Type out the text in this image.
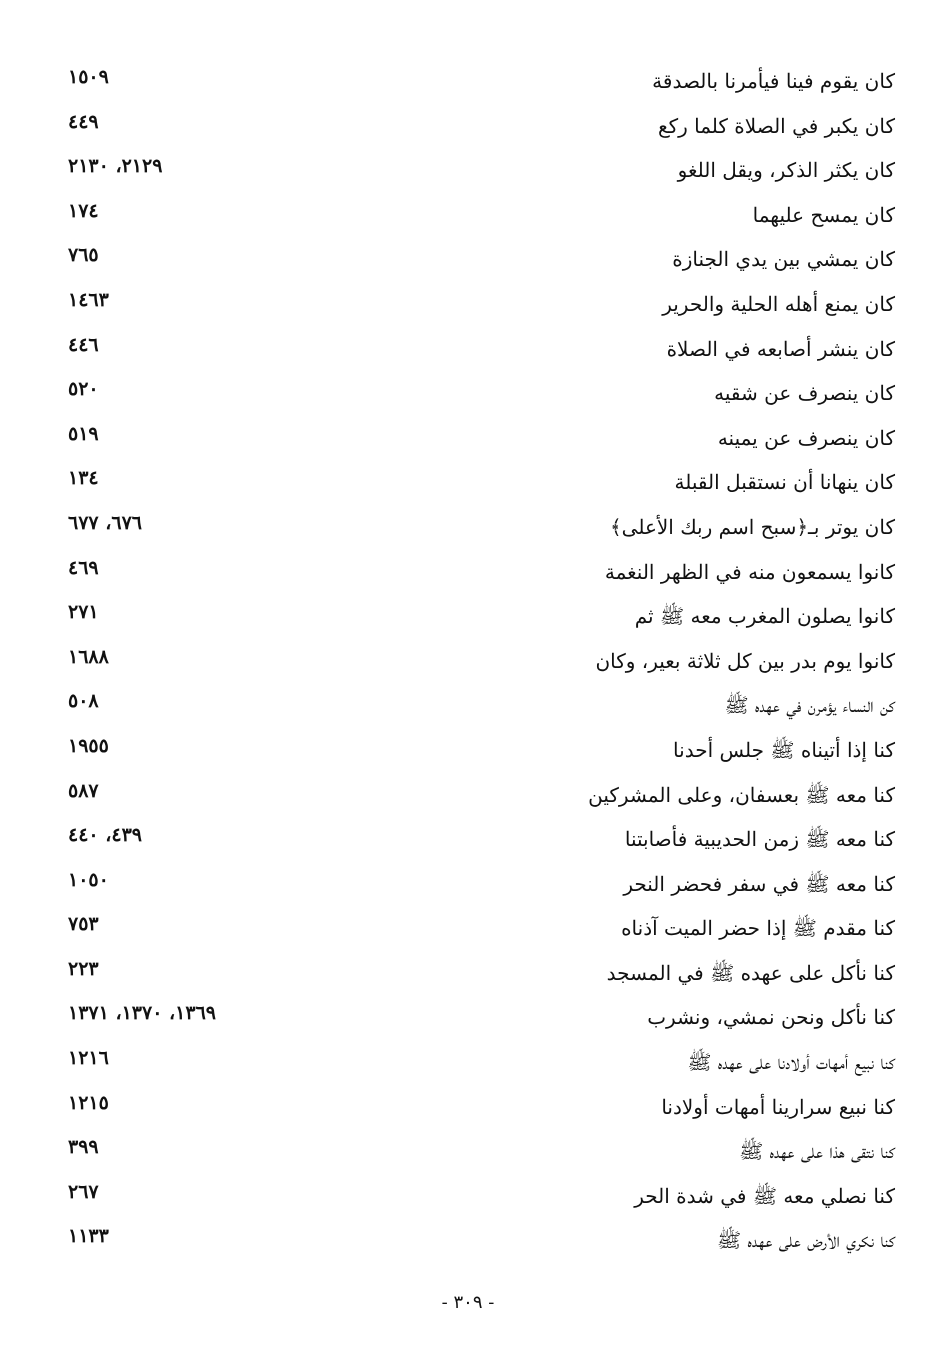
كان يقوم فينا فيأمرنا بالصدقة
١٥٠٩
كان يكبر في الصلاة كلما ركع
٤٤٩
كان يكثر الذكر، ويقل اللغو
٢١٢٩، ٢١٣٠
كان يمسح عليهما
١٧٤
كان يمشي بين يدي الجنازة
٧٦٥
كان يمنع أهله الحلية والحرير
١٤٦٣
كان ينشر أصابعه في الصلاة
٤٤٦
كان ينصرف عن شقيه
٥٢٠
كان ينصرف عن يمينه
٥١٩
كان ينهانا أن نستقبل القبلة
١٣٤
كان يوتر بـ﴿سبح اسم ربك الأعلى﴾
٦٧٦، ٦٧٧
كانوا يسمعون منه في الظهر النغمة
٤٦٩
كانوا يصلون المغرب معه ﷺ ثم
٢٧١
كانوا يوم بدر بين كل ثلاثة بعير، وكان
١٦٨٨
كن النساء يؤمرن في عهده ﷺ
٥٠٨
كنا إذا أتيناه ﷺ جلس أحدنا
١٩٥٥
كنا معه ﷺ بعسفان، وعلى المشركين
٥٨٧
كنا معه ﷺ زمن الحديبية فأصابتنا
٤٣٩، ٤٤٠
كنا معه ﷺ في سفر فحضر النحر
١٠٥٠
كنا مقدم ﷺ إذا حضر الميت آذناه
٧٥٣
كنا نأكل على عهده ﷺ في المسجد
٢٢٣
كنا نأكل ونحن نمشي، ونشرب
١٣٦٩، ١٣٧٠، ١٣٧١
كنا نبيع أمهات أولادنا على عهده ﷺ
١٢١٦
كنا نبيع سرارينا أمهات أولادنا
١٢١٥
كنا نتقى هذا على عهده ﷺ
٣٩٩
كنا نصلي معه ﷺ في شدة الحر
٢٦٧
كنا نكري الأرض على عهده ﷺ
١١٣٣
- ٣٠٩ -
